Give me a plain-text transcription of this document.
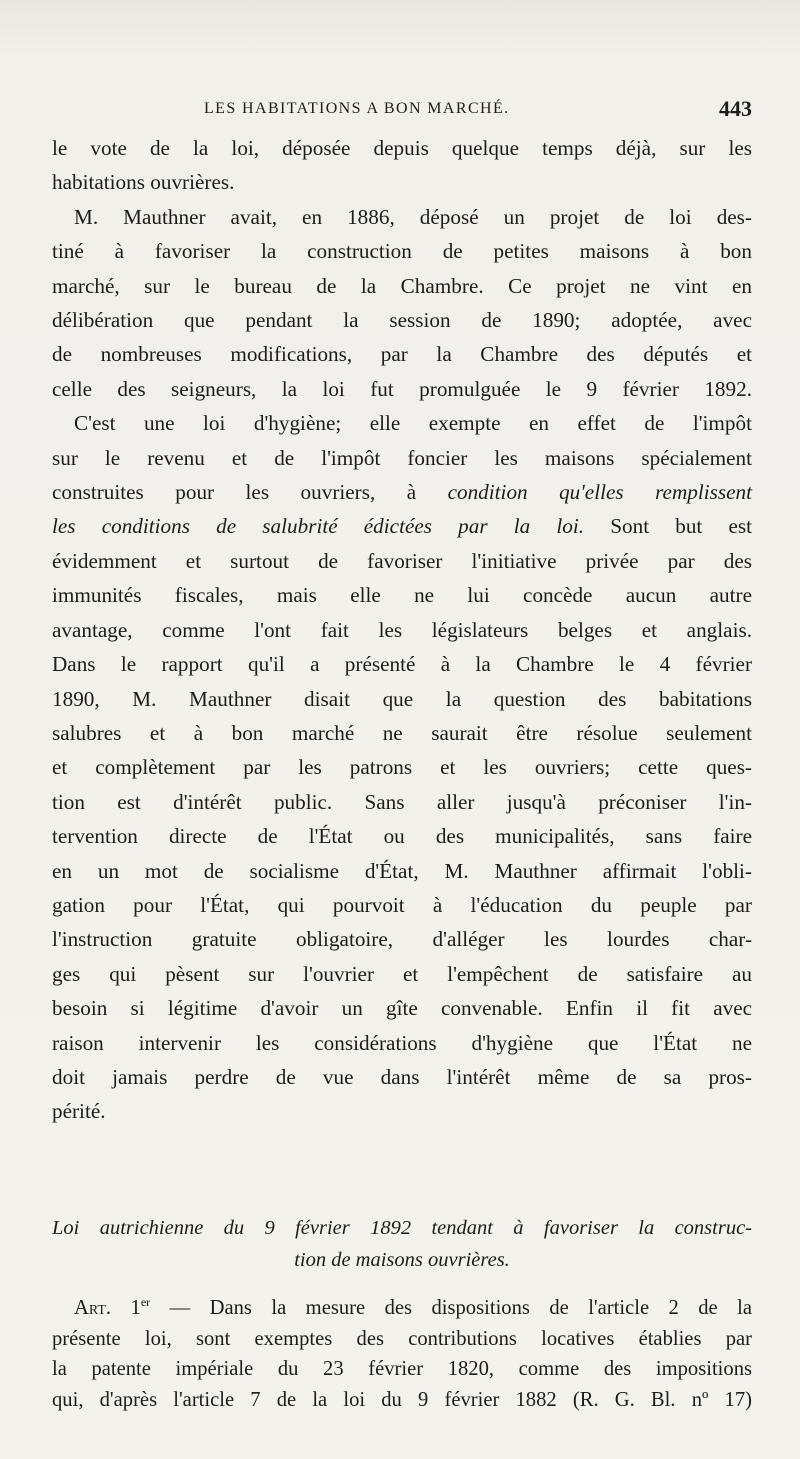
LES HABITATIONS A BON MARCHÉ.	443
le vote de la loi, déposée depuis quelque temps déjà, sur les
habitations ouvrières.
M. Mauthner avait, en 1886, déposé un projet de loi des-
tiné à favoriser la construction de petites maisons à bon
marché, sur le bureau de la Chambre. Ce projet ne vint en
délibération que pendant la session de 1890; adoptée, avec
de nombreuses modifications, par la Chambre des députés et
celle des seigneurs, la loi fut promulguée le 9 février 1892.
C'est une loi d'hygiène; elle exempte en effet de l'impôt
sur le revenu et de l'impôt foncier les maisons spécialement
construites pour les ouvriers, à condition qu'elles remplissent
les conditions de salubrité édictées par la loi. Sont but est
évidemment et surtout de favoriser l'initiative privée par des
immunités fiscales, mais elle ne lui concède aucun autre
avantage, comme l'ont fait les législateurs belges et anglais.
Dans le rapport qu'il a présenté à la Chambre le 4 février
1890, M. Mauthner disait que la question des babitations
salubres et à bon marché ne saurait être résolue seulement
et complètement par les patrons et les ouvriers; cette ques-
tion est d'intérêt public. Sans aller jusqu'à préconiser l'in-
tervention directe de l'État ou des municipalités, sans faire
en un mot de socialisme d'État, M. Mauthner affirmait l'obli-
gation pour l'État, qui pourvoit à l'éducation du peuple par
l'instruction gratuite obligatoire, d'alléger les lourdes char-
ges qui pèsent sur l'ouvrier et l'empêchent de satisfaire au
besoin si légitime d'avoir un gîte convenable. Enfin il fit avec
raison intervenir les considérations d'hygiène que l'État ne
doit jamais perdre de vue dans l'intérêt même de sa pros-
périté.
Loi autrichienne du 9 février 1892 tendant à favoriser la construc-
tion de maisons ouvrières.
Art. 1er — Dans la mesure des dispositions de l'article 2 de la
présente loi, sont exemptes des contributions locatives établies par
la patente impériale du 23 février 1820, comme des impositions
qui, d'après l'article 7 de la loi du 9 février 1882 (R. G. Bl. nº 17)
